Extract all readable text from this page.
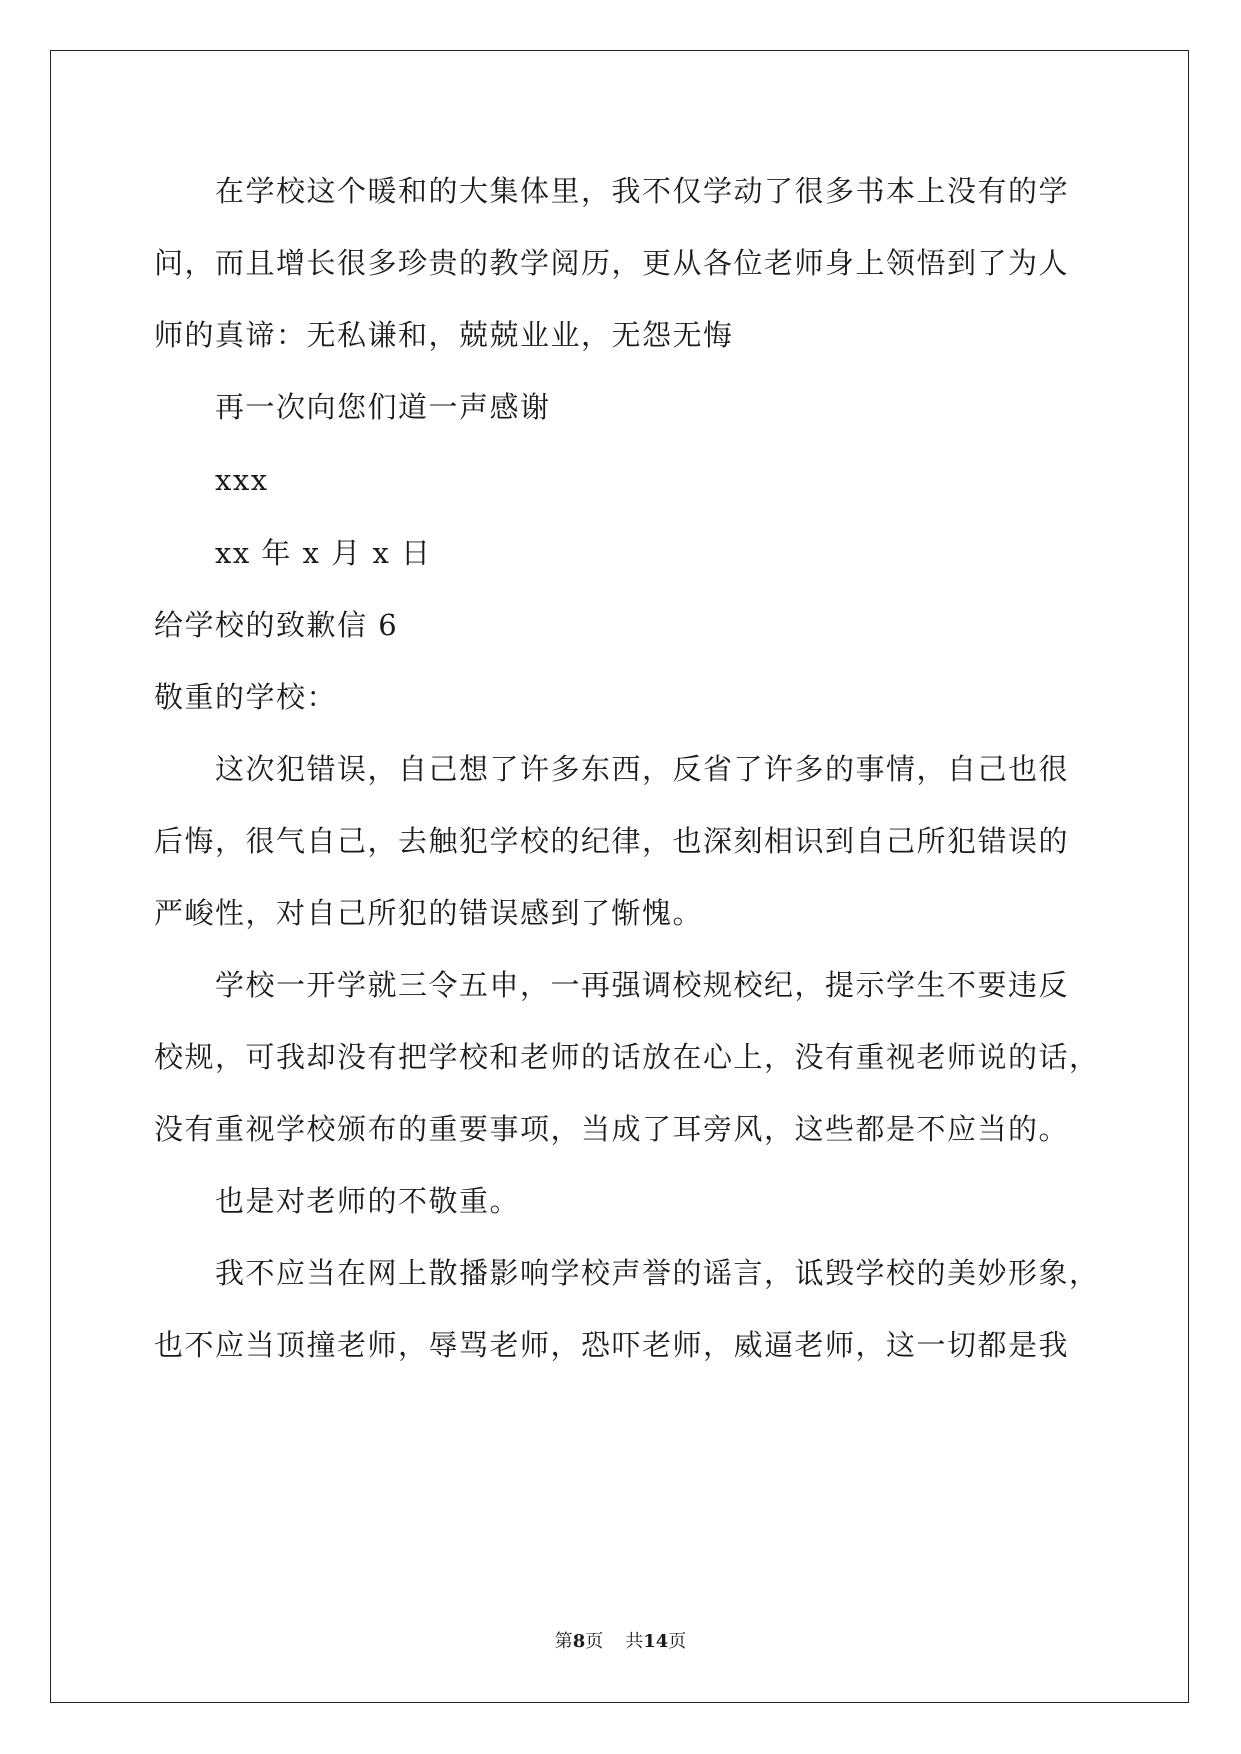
在学校这个暖和的大集体里，我不仅学动了很多书本上没有的学
问，而且增长很多珍贵的教学阅历，更从各位老师身上领悟到了为人
师的真谛：无私谦和，兢兢业业，无怨无悔
再一次向您们道一声感谢
xxx
xx 年 x 月 x 日
给学校的致歉信 6
敬重的学校：
这次犯错误，自己想了许多东西，反省了许多的事情，自己也很
后悔，很气自己，去触犯学校的纪律，也深刻相识到自己所犯错误的
严峻性，对自己所犯的错误感到了惭愧。
学校一开学就三令五申，一再强调校规校纪，提示学生不要违反
校规，可我却没有把学校和老师的话放在心上，没有重视老师说的话，
没有重视学校颁布的重要事项，当成了耳旁风，这些都是不应当的。
也是对老师的不敬重。
我不应当在网上散播影响学校声誉的谣言，诋毁学校的美妙形象，
也不应当顶撞老师，辱骂老师，恐吓老师，威逼老师，这一切都是我
第8页 共14页
